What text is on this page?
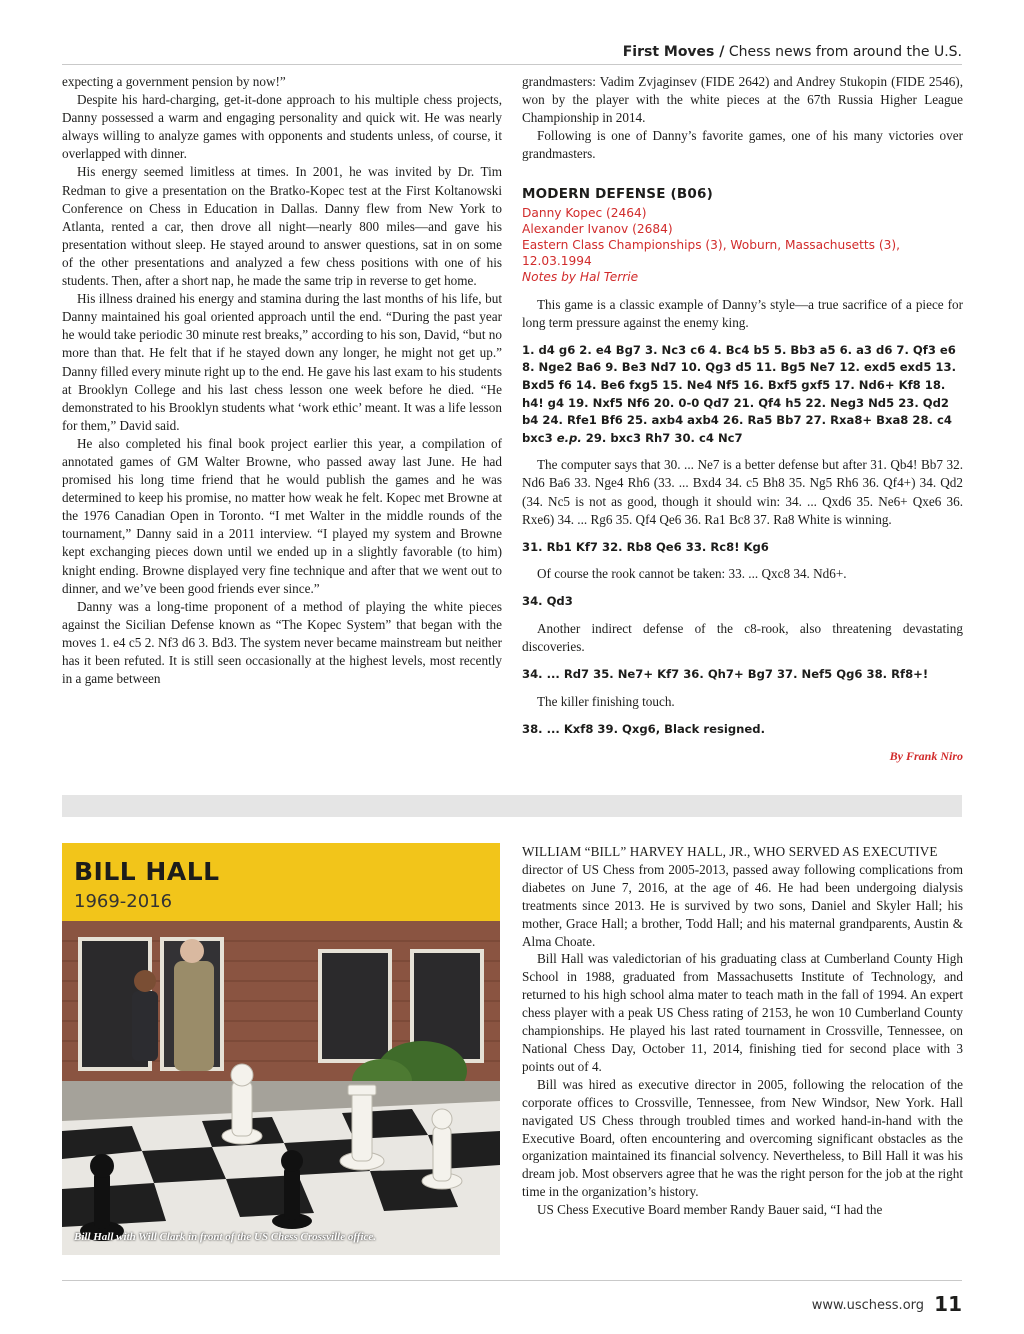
First Moves / Chess news from around the U.S.

expecting a government pension by now!”

Despite his hard-charging, get-it-done approach to his multiple chess projects, Danny possessed a warm and engaging personality and quick wit. He was nearly always willing to analyze games with opponents and students unless, of course, it overlapped with dinner.

His energy seemed limitless at times. In 2001, he was invited by Dr. Tim Redman to give a presentation on the Bratko-Kopec test at the First Koltanowski Conference on Chess in Education in Dallas. Danny flew from New York to Atlanta, rented a car, then drove all night—nearly 800 miles—and gave his presentation without sleep. He stayed around to answer questions, sat in on some of the other presentations and analyzed a few chess positions with one of his students. Then, after a short nap, he made the same trip in reverse to get home.

His illness drained his energy and stamina during the last months of his life, but Danny maintained his goal oriented approach until the end. “During the past year he would take periodic 30 minute rest breaks,” according to his son, David, “but no more than that. He felt that if he stayed down any longer, he might not get up.” Danny filled every minute right up to the end. He gave his last exam to his students at Brooklyn College and his last chess lesson one week before he died. “He demonstrated to his Brooklyn students what ‘work ethic’ meant. It was a life lesson for them,” David said.

He also completed his final book project earlier this year, a compilation of annotated games of GM Walter Browne, who passed away last June. He had promised his long time friend that he would publish the games and he was determined to keep his promise, no matter how weak he felt. Kopec met Browne at the 1976 Canadian Open in Toronto. “I met Walter in the middle rounds of the tournament,” Danny said in a 2011 interview. “I played my system and Browne kept exchanging pieces down until we ended up in a slightly favorable (to him) knight ending. Browne displayed very fine technique and after that we went out to dinner, and we’ve been good friends ever since.”

Danny was a long-time proponent of a method of playing the white pieces against the Sicilian Defense known as “The Kopec System” that began with the moves 1. e4 c5 2. Nf3 d6 3. Bd3. The system never became mainstream but neither has it been refuted. It is still seen occasionally at the highest levels, most recently in a game between

grandmasters: Vadim Zvjaginsev (FIDE 2642) and Andrey Stukopin (FIDE 2546), won by the player with the white pieces at the 67th Russia Higher League Championship in 2014.

Following is one of Danny’s favorite games, one of his many victories over grandmasters.

MODERN DEFENSE (B06)
Danny Kopec (2464)
Alexander Ivanov (2684)
Eastern Class Championships (3), Woburn, Massachusetts (3), 12.03.1994
Notes by Hal Terrie

This game is a classic example of Danny’s style—a true sacrifice of a piece for long term pressure against the enemy king.

1. d4 g6 2. e4 Bg7 3. Nc3 c6 4. Bc4 b5 5. Bb3 a5 6. a3 d6 7. Qf3 e6 8. Nge2 Ba6 9. Be3 Nd7 10. Qg3 d5 11. Bg5 Ne7 12. exd5 exd5 13. Bxd5 f6 14. Be6 fxg5 15. Ne4 Nf5 16. Bxf5 gxf5 17. Nd6+ Kf8 18. h4! g4 19. Nxf5 Nf6 20. 0-0 Qd7 21. Qf4 h5 22. Neg3 Nd5 23. Qd2 b4 24. Rfe1 Bf6 25. axb4 axb4 26. Ra5 Bb7 27. Rxa8+ Bxa8 28. c4 bxc3 e.p. 29. bxc3 Rh7 30. c4 Nc7

The computer says that 30. ... Ne7 is a better defense but after 31. Qb4! Bb7 32. Nd6 Ba6 33. Nge4 Rh6 (33. ... Bxd4 34. c5 Bh8 35. Ng5 Rh6 36. Qf4+) 34. Qd2 (34. Nc5 is not as good, though it should win: 34. ... Qxd6 35. Ne6+ Qxe6 36. Rxe6) 34. ... Rg6 35. Qf4 Qe6 36. Ra1 Bc8 37. Ra8 White is winning.

31. Rb1 Kf7 32. Rb8 Qe6 33. Rc8! Kg6

Of course the rook cannot be taken: 33. ... Qxc8 34. Nd6+.

34. Qd3

Another indirect defense of the c8-rook, also threatening devastating discoveries.

34. ... Rd7 35. Ne7+ Kf7 36. Qh7+ Bg7 37. Nef5 Qg6 38. Rf8+!

The killer finishing touch.

38. ... Kxf8 39. Qxg6, Black resigned.
By Frank Niro
BILL HALL
1969-2016
Bill Hall with Will Clark in front of the US Chess Crossville office.

WILLIAM “BILL” HARVEY HALL, JR., WHO SERVED AS EXECUTIVE

director of US Chess from 2005-2013, passed away following complications from diabetes on June 7, 2016, at the age of 46. He had been undergoing dialysis treatments since 2013. He is survived by two sons, Daniel and Skyler Hall; his mother, Grace Hall; a brother, Todd Hall; and his maternal grandparents, Austin & Alma Choate.

Bill Hall was valedictorian of his graduating class at Cumberland County High School in 1988, graduated from Massachusetts Institute of Technology, and returned to his high school alma mater to teach math in the fall of 1994. An expert chess player with a peak US Chess rating of 2153, he won 10 Cumberland County championships. He played his last rated tournament in Crossville, Tennessee, on National Chess Day, October 11, 2014, finishing tied for second place with 3 points out of 4.

Bill was hired as executive director in 2005, following the relocation of the corporate offices to Crossville, Tennessee, from New Windsor, New York. Hall navigated US Chess through troubled times and worked hand-in-hand with the Executive Board, often encountering and overcoming significant obstacles as the organization maintained its financial solvency. Nevertheless, to Bill Hall it was his dream job. Most observers agree that he was the right person for the job at the right time in the organization’s history.

US Chess Executive Board member Randy Bauer said, “I had the

www.uschess.org 11
